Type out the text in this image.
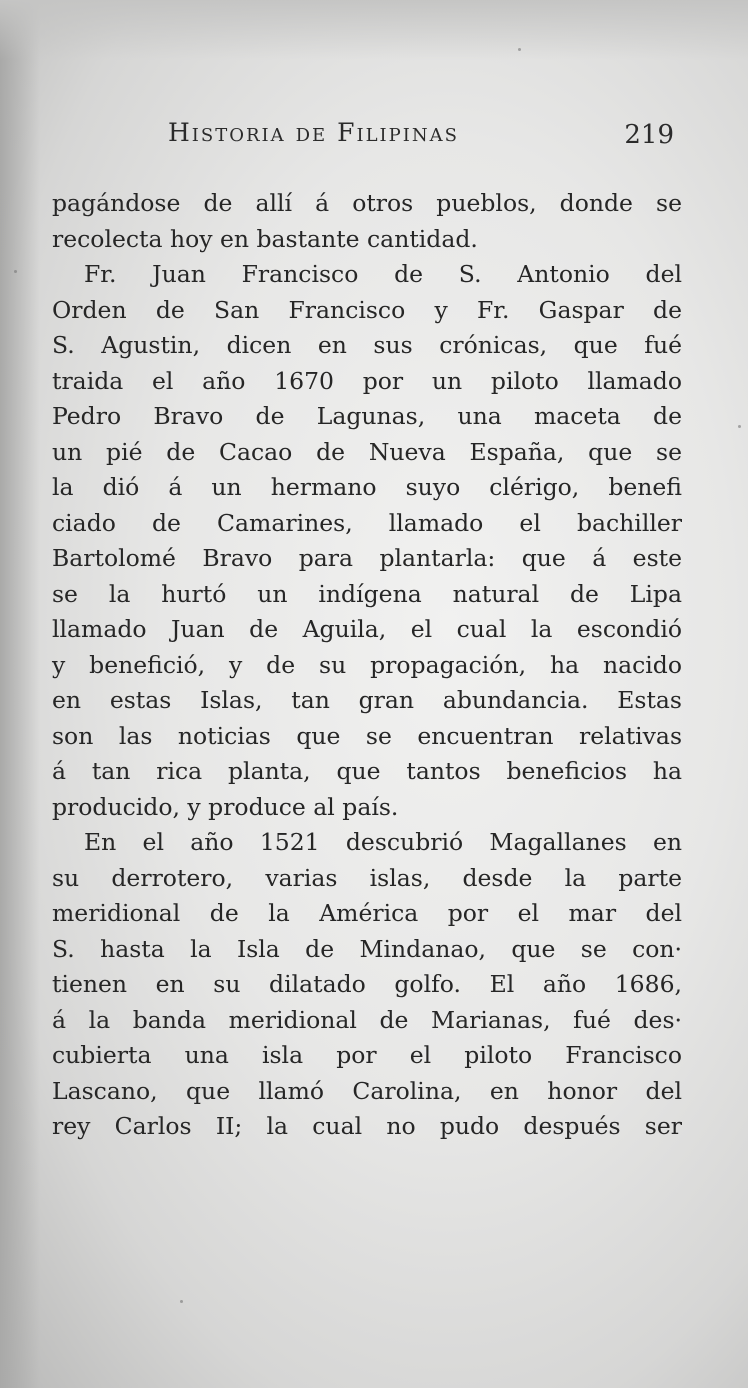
Historia de Filipinas	219
pagándose de allí á otros pueblos, donde se
recolecta hoy en bastante cantidad.
Fr. Juan Francisco de S. Antonio del
Orden de San Francisco y Fr. Gaspar de
S. Agustin, dicen en sus crónicas, que fué
traida el año 1670 por un piloto llamado
Pedro Bravo de Lagunas, una maceta de
un pié de Cacao de Nueva España, que se
la dió á un hermano suyo clérigo, benefi
ciado de Camarines, llamado el bachiller
Bartolomé Bravo para plantarla: que á este
se la hurtó un indígena natural de Lipa
llamado Juan de Aguila, el cual la escondió
y benefició, y de su propagación, ha nacido
en estas Islas, tan gran abundancia. Estas
son las noticias que se encuentran relativas
á tan rica planta, que tantos beneficios ha
producido, y produce al país.
En el año 1521 descubrió Magallanes en
su derrotero, varias islas, desde la parte
meridional de la América por el mar del
S. hasta la Isla de Mindanao, que se con·
tienen en su dilatado golfo. El año 1686,
á la banda meridional de Marianas, fué des·
cubierta una isla por el piloto Francisco
Lascano, que llamó Carolina, en honor del
rey Carlos II; la cual no pudo después ser
